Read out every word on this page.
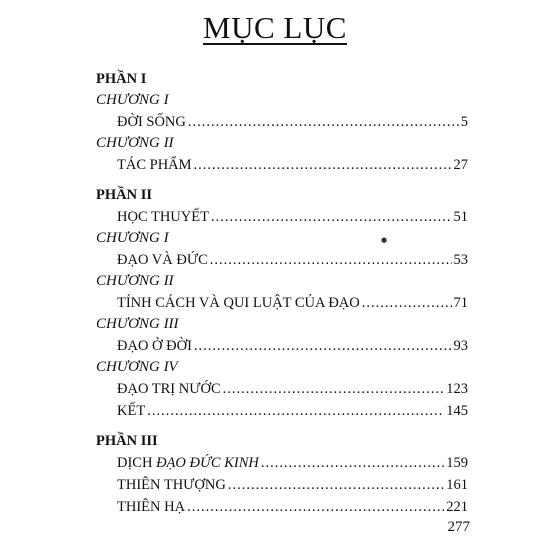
MỤC LỤC
PHẦN I
CHƯƠNG I
ĐỜI SỐNG .....	5
CHƯƠNG II
TÁC PHẨM .....	27
PHẦN II
HỌC THUYẾT .....	51
CHƯƠNG I
ĐẠO VÀ ĐỨC .....	53
CHƯƠNG II
TÍNH CÁCH VÀ QUI LUẬT CỦA ĐẠO .....	71
CHƯƠNG III
ĐẠO Ở ĐỜI .....	93
CHƯƠNG IV
ĐẠO TRỊ NƯỚC .....	123
KẾT .....	145
PHẦN III
DỊCH ĐẠO ĐỨC KINH .....	159
THIÊN THƯỢNG .....	161
THIÊN HẠ .....	221
●
277
